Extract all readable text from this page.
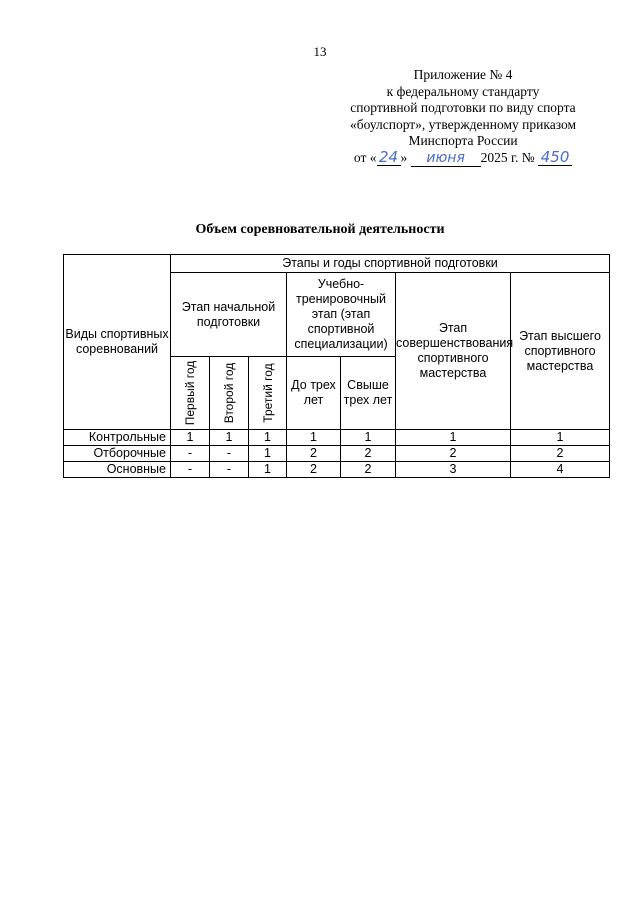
13
Приложение № 4
к федеральному стандарту
спортивной подготовки по виду спорта
«боулспорт», утвержденному приказом
Минспорта России
от « 24 » июня 2025 г. № 450
Объем соревновательной деятельности
Виды спортивных соревнований	Этапы и годы спортивной подготовки						
	Этап начальной подготовки			Учебно-тренировочный этап (этап спортивной специализации)		Этап совершенствования спортивного мастерства	Этап высшего спортивного мастерства

	Первый год	Второй год	Третий год	До трех лет	Свыше трех лет		
Контрольные	1	1	1	1	1	1	1
Отборочные	-	-	1	2	2	2	2
Основные	-	-	1	2	2	3	4
